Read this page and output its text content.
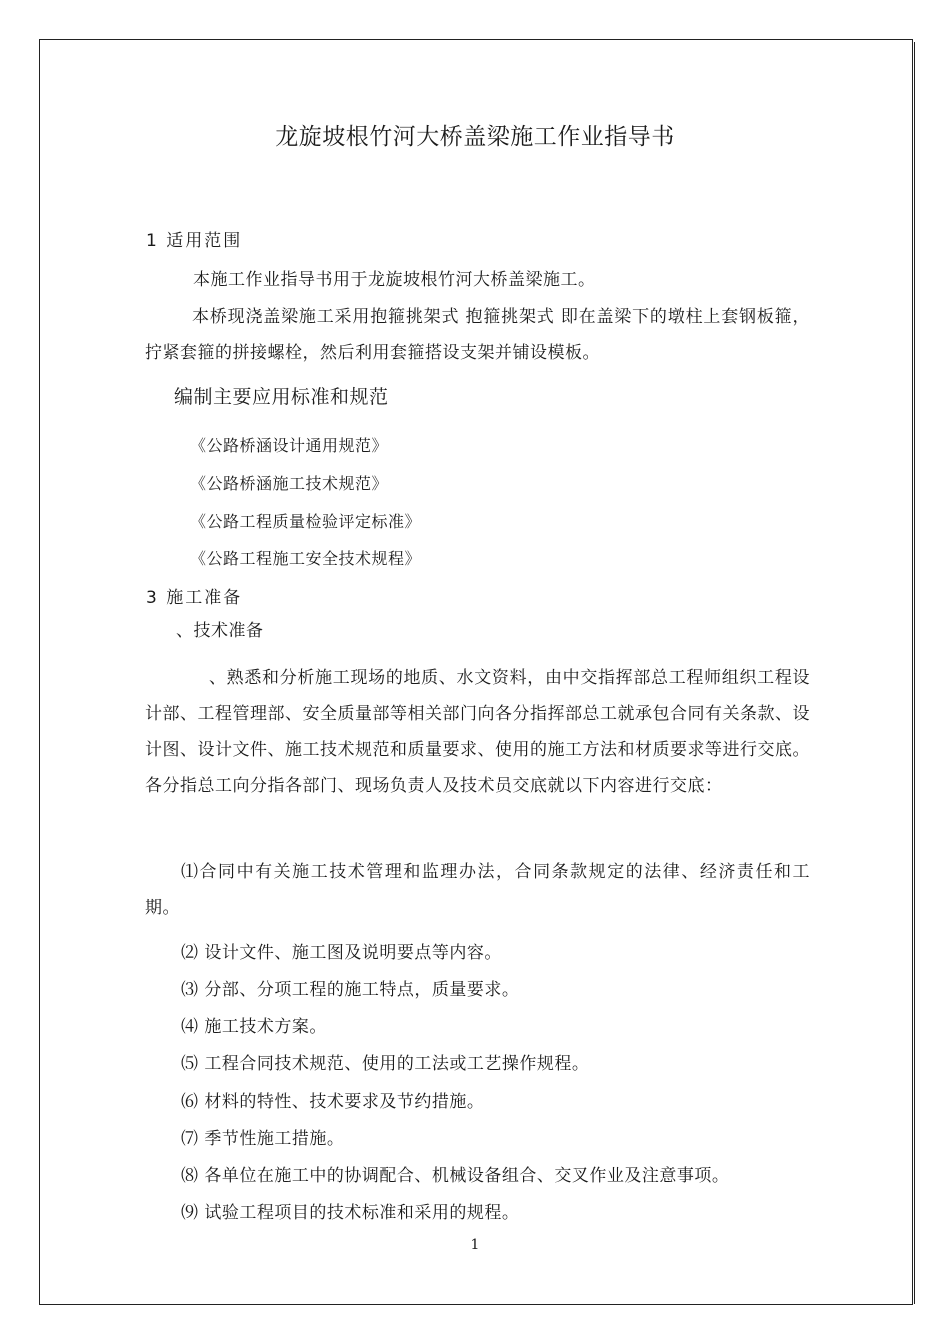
龙旋坡根竹河大桥盖梁施工作业指导书
1 适用范围
本施工作业指导书用于龙旋坡根竹河大桥盖梁施工。
本桥现浇盖梁施工采用抱箍挑架式 抱箍挑架式 即在盖梁下的墩柱上套钢板箍，拧紧套箍的拼接螺栓，然后利用套箍搭设支架并铺设模板。
编制主要应用标准和规范
《公路桥涵设计通用规范》
《公路桥涵施工技术规范》
《公路工程质量检验评定标准》
《公路工程施工安全技术规程》
3 施工准备
、技术准备
、熟悉和分析施工现场的地质、水文资料，由中交指挥部总工程师组织工程设计部、工程管理部、安全质量部等相关部门向各分指挥部总工就承包合同有关条款、设计图、设计文件、施工技术规范和质量要求、使用的施工方法和材质要求等进行交底。各分指总工向分指各部门、现场负责人及技术员交底就以下内容进行交底：
⑴合同中有关施工技术管理和监理办法，合同条款规定的法律、经济责任和工期。
⑵ 设计文件、施工图及说明要点等内容。
⑶ 分部、分项工程的施工特点，质量要求。
⑷ 施工技术方案。
⑸ 工程合同技术规范、使用的工法或工艺操作规程。
⑹ 材料的特性、技术要求及节约措施。
⑺ 季节性施工措施。
⑻ 各单位在施工中的协调配合、机械设备组合、交叉作业及注意事项。
⑼ 试验工程项目的技术标准和采用的规程。
1
